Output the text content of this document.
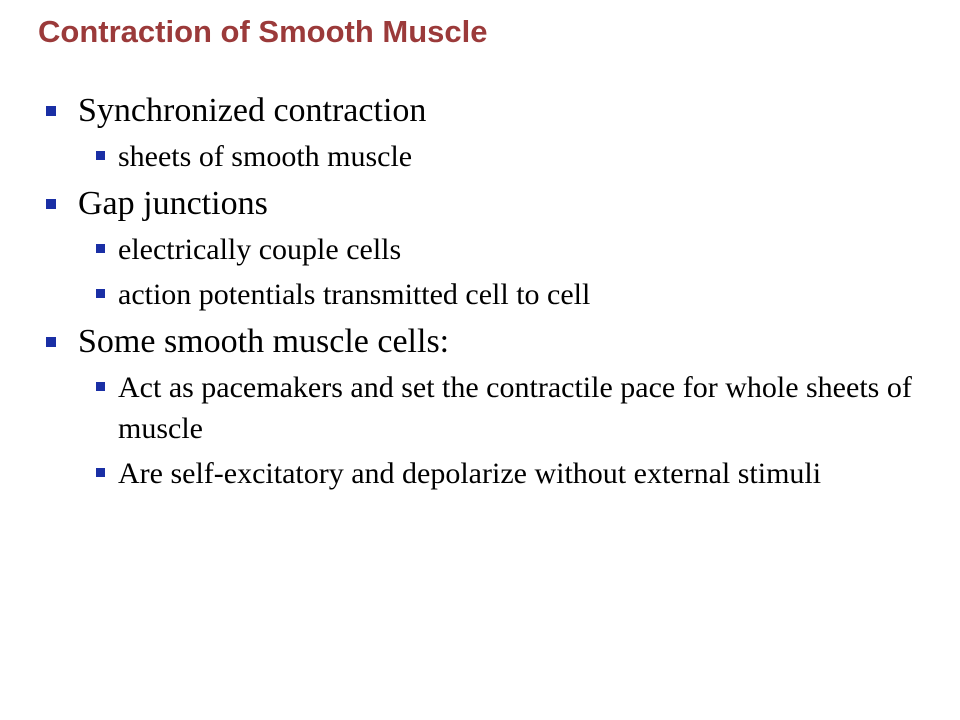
Contraction of Smooth Muscle
Synchronized contraction
sheets of smooth muscle
Gap junctions
electrically couple cells
action potentials transmitted cell to cell
Some smooth muscle cells:
Act as pacemakers and set the contractile pace for whole sheets of muscle
Are self-excitatory and depolarize without external stimuli
